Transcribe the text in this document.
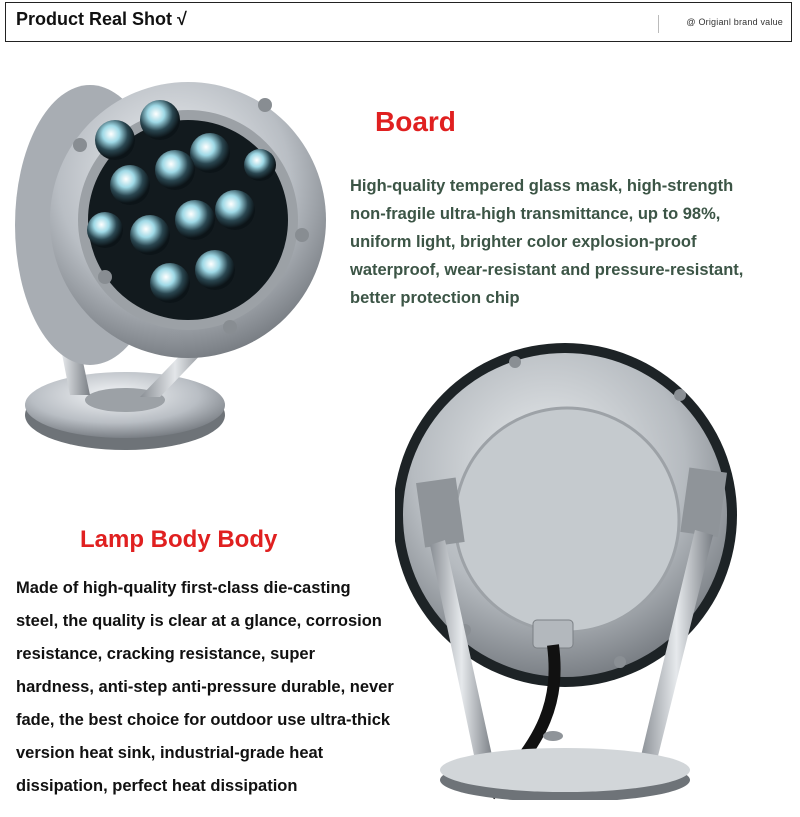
Product Real Shot √	@ Origianl brand value
Board

High-quality tempered glass mask, high-strength non-fragile ultra-high transmittance, up to 98%, uniform light, brighter color explosion-proof waterproof, wear-resistant and pressure-resistant, better protection chip

Lamp Body Body

Made of high-quality first-class die-casting steel, the quality is clear at a glance, corrosion resistance, cracking resistance, super hardness, anti-step anti-pressure durable, never fade, the best choice for outdoor use ultra-thick version heat sink, industrial-grade heat dissipation, perfect heat dissipation
